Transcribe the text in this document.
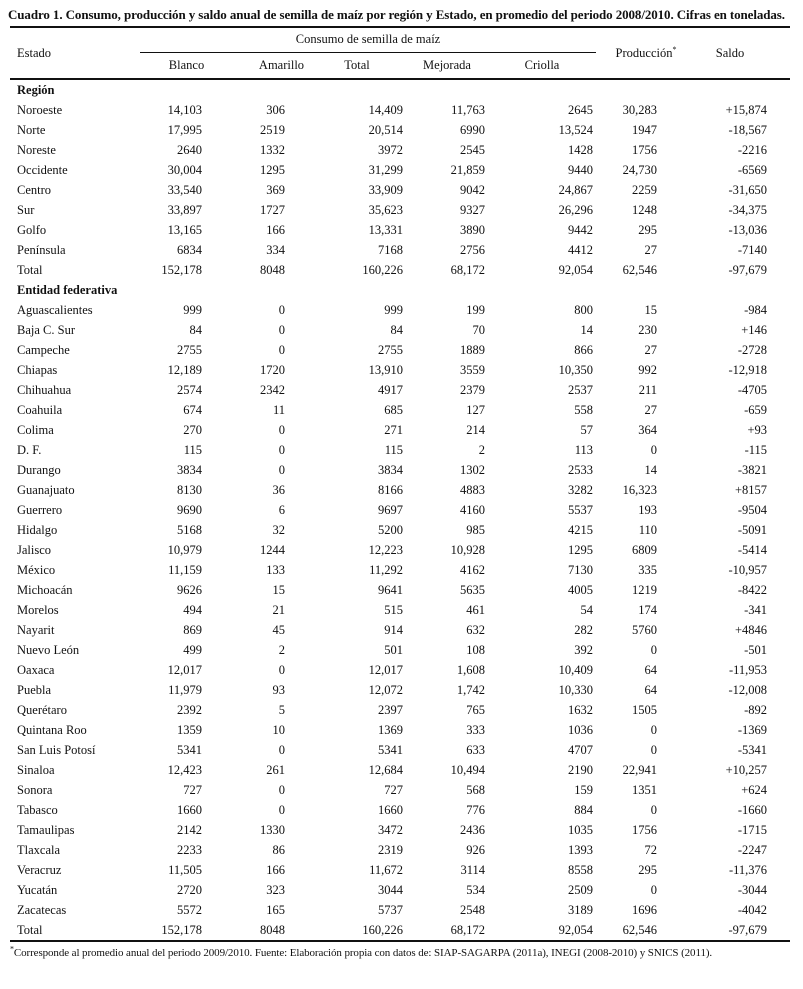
Cuadro 1. Consumo, producción y saldo anual de semilla de maíz por región y Estado, en promedio del periodo 2008/2010. Cifras en toneladas.
Estado	Consumo de semilla de maíz					Producción*	Saldo
	Blanco	Amarillo	Total	Mejorada	Criolla		
Región							
Noroeste	14,103	306	14,409	11,763	2645	30,283	+15,874
Norte	17,995	2519	20,514	6990	13,524	1947	-18,567
Noreste	2640	1332	3972	2545	1428	1756	-2216
Occidente	30,004	1295	31,299	21,859	9440	24,730	-6569
Centro	33,540	369	33,909	9042	24,867	2259	-31,650
Sur	33,897	1727	35,623	9327	26,296	1248	-34,375
Golfo	13,165	166	13,331	3890	9442	295	-13,036
Península	6834	334	7168	2756	4412	27	-7140
Total	152,178	8048	160,226	68,172	92,054	62,546	-97,679
Entidad federativa							
Aguascalientes	999	0	999	199	800	15	-984
Baja C. Sur	84	0	84	70	14	230	+146
Campeche	2755	0	2755	1889	866	27	-2728
Chiapas	12,189	1720	13,910	3559	10,350	992	-12,918
Chihuahua	2574	2342	4917	2379	2537	211	-4705
Coahuila	674	11	685	127	558	27	-659
Colima	270	0	271	214	57	364	+93
D. F.	115	0	115	2	113	0	-115
Durango	3834	0	3834	1302	2533	14	-3821
Guanajuato	8130	36	8166	4883	3282	16,323	+8157
Guerrero	9690	6	9697	4160	5537	193	-9504
Hidalgo	5168	32	5200	985	4215	110	-5091
Jalisco	10,979	1244	12,223	10,928	1295	6809	-5414
México	11,159	133	11,292	4162	7130	335	-10,957
Michoacán	9626	15	9641	5635	4005	1219	-8422
Morelos	494	21	515	461	54	174	-341
Nayarit	869	45	914	632	282	5760	+4846
Nuevo León	499	2	501	108	392	0	-501
Oaxaca	12,017	0	12,017	1,608	10,409	64	-11,953
Puebla	11,979	93	12,072	1,742	10,330	64	-12,008
Querétaro	2392	5	2397	765	1632	1505	-892
Quintana Roo	1359	10	1369	333	1036	0	-1369
San Luis Potosí	5341	0	5341	633	4707	0	-5341
Sinaloa	12,423	261	12,684	10,494	2190	22,941	+10,257
Sonora	727	0	727	568	159	1351	+624
Tabasco	1660	0	1660	776	884	0	-1660
Tamaulipas	2142	1330	3472	2436	1035	1756	-1715
Tlaxcala	2233	86	2319	926	1393	72	-2247
Veracruz	11,505	166	11,672	3114	8558	295	-11,376
Yucatán	2720	323	3044	534	2509	0	-3044
Zacatecas	5572	165	5737	2548	3189	1696	-4042
Total	152,178	8048	160,226	68,172	92,054	62,546	-97,679
*Corresponde al promedio anual del periodo 2009/2010. Fuente: Elaboración propia con datos de: SIAP-SAGARPA (2011a), INEGI (2008-2010) y SNICS (2011).
